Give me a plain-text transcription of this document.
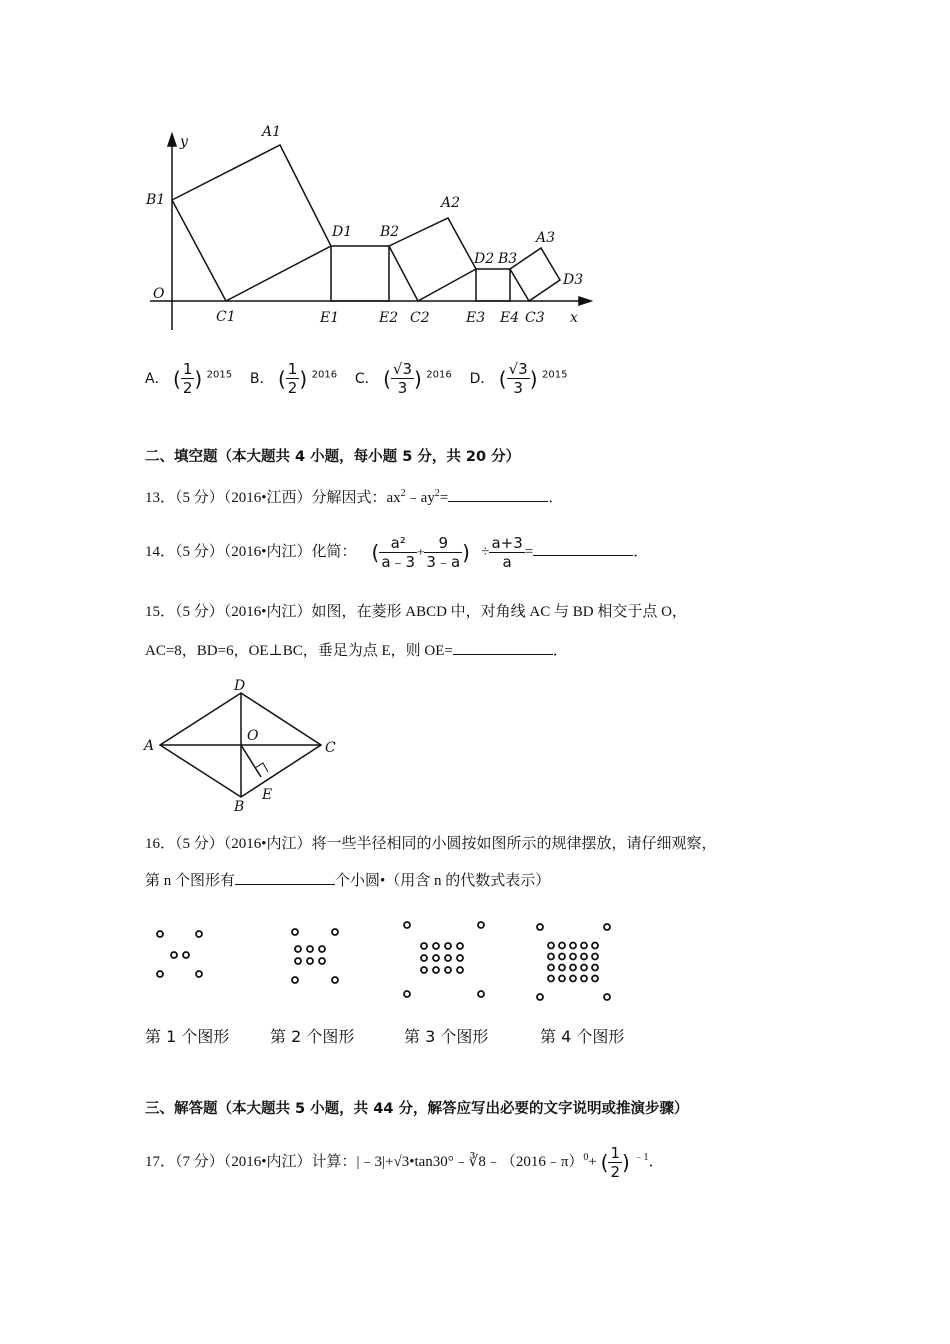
y
x
O
A1
B1
C1
D1
E1	E2
B2
C2
A2
D2
E3
B3
E4 C3
A3
D3
A． ( $\frac{1}{2}$ ) $^{2015}$ B． ( $\frac{1}{2}$ ) $^{2016}$ C． ( $\frac{√3}{3}$ ) $^{2016}$ D． ( $\frac{√3}{3}$ ) $^{2015}$
二、填空题（本大题共 4 小题，每小题 5 分，共 20 分）
13．（5 分）（2016•江西）分解因式：$ax^2﹣ay^2=$	．
14．（5 分）（2016•内江）化简： ( $\frac{\text{a²}}{a﹣3} + \frac{9}{3﹣a}$ ) ÷ $\frac{a+3}{a}$ =	．
15．（5 分）（2016•内江）如图，在菱形 ABCD 中，对角线 AC 与 BD 相交于点 O，
AC=8，BD=6，OE⊥BC，垂足为点 E，则 OE=	．
A
B
C
D
O
E
16．（5 分）（2016•内江）将一些半径相同的小圆按如图所示的规律摆放，请仔细观察，
第 n 个图形有	个小圆•（用含 n 的代数式表示）
第 1 个图形	第 2 个图形	第 3 个图形	第 4 个图形
三、解答题（本大题共 5 小题，共 44 分，解答应写出必要的文字说明或推演步骤）
17．（7 分）（2016•内江）计算：|﹣3|+√3•tan30°﹣∛8﹣（2016﹣π）$^0$+ ( $\frac{1}{2}$ ) $^{﹣1}$．
